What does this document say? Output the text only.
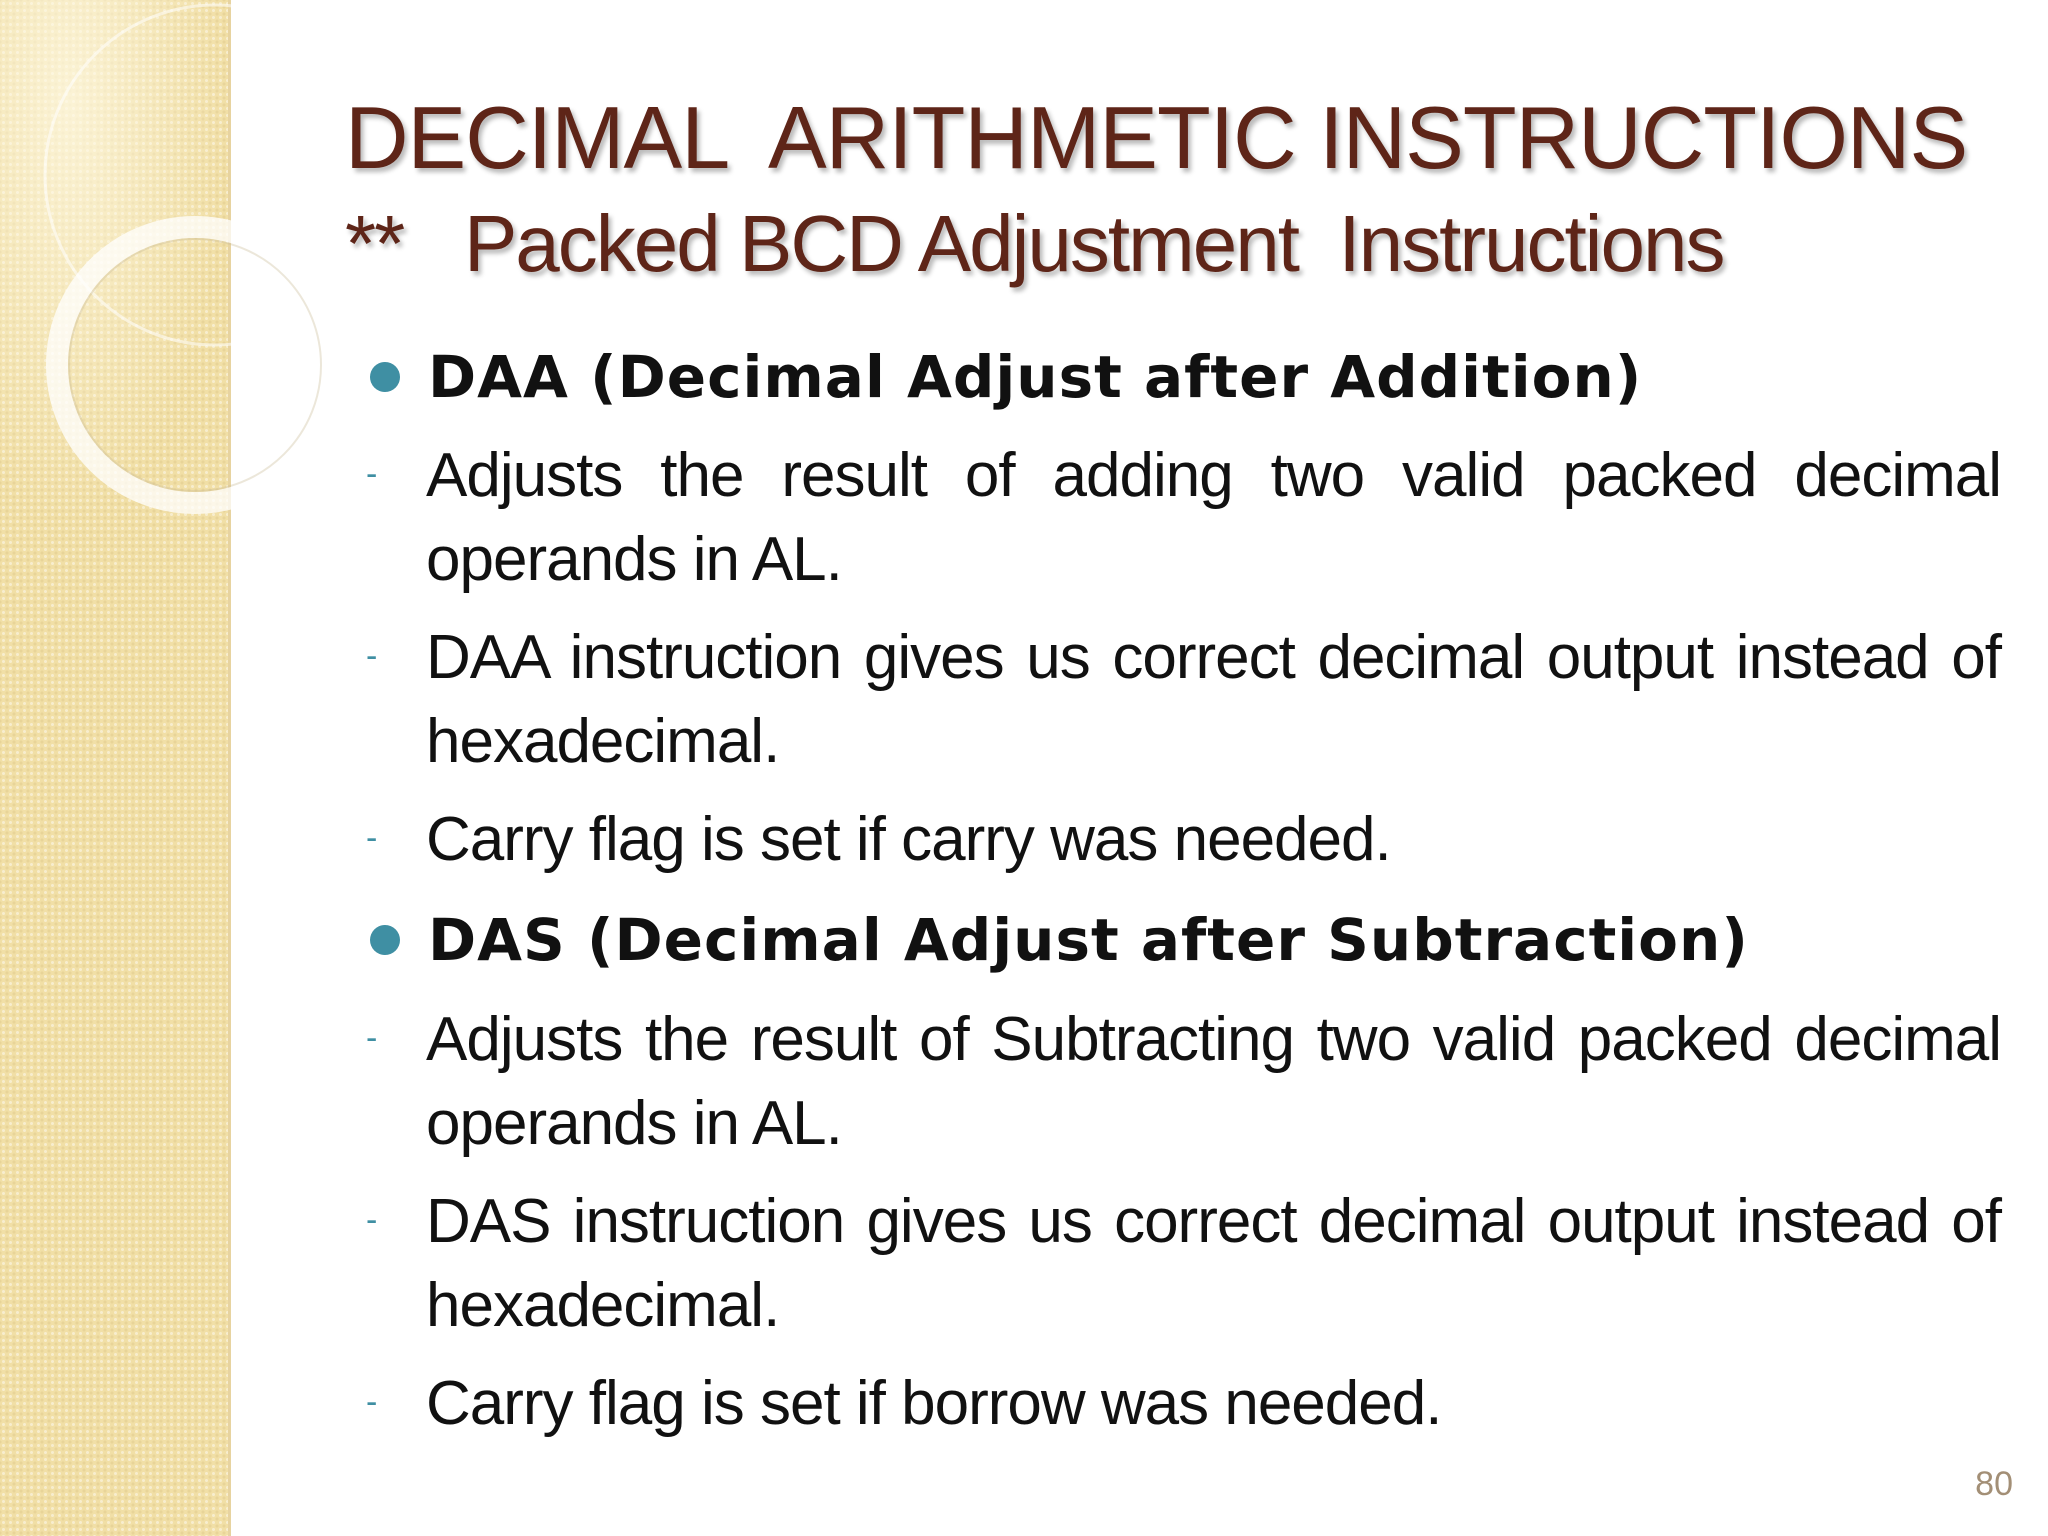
DECIMAL  ARITHMETIC INSTRUCTIONS
**   Packed BCD Adjustment  Instructions
DAA (Decimal Adjust after Addition)
- Adjusts the result of adding two valid packed decimal operands in AL.
- DAA instruction gives us correct decimal output instead of hexadecimal.
- Carry flag is set if carry was needed.
DAS (Decimal Adjust after Subtraction)
- Adjusts the result of Subtracting two valid packed decimal operands in AL.
- DAS instruction gives us correct decimal output instead of hexadecimal.
- Carry flag is set if borrow was needed.
80
